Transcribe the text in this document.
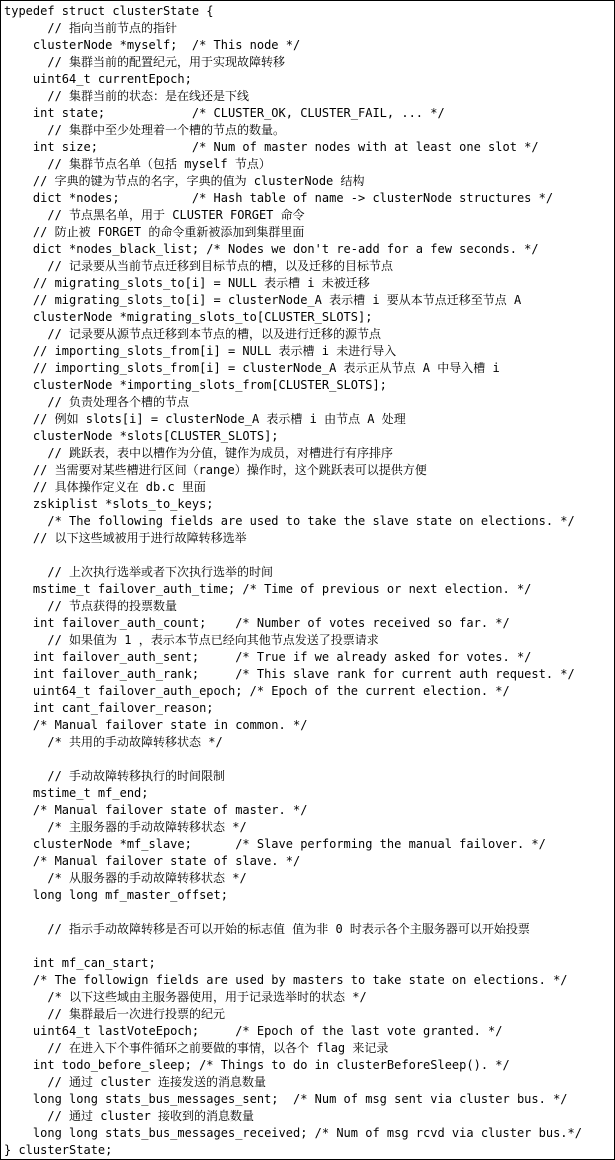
typedef struct clusterState {
// 指向当前节点的指针
clusterNode *myself;  /* This node */
// 集群当前的配置纪元，用于实现故障转移
uint64_t currentEpoch;
// 集群当前的状态：是在线还是下线
int state;            /* CLUSTER_OK, CLUSTER_FAIL, ... */
// 集群中至少处理着一个槽的节点的数量。
int size;             /* Num of master nodes with at least one slot */
// 集群节点名单（包括 myself 节点）
// 字典的键为节点的名字，字典的值为 clusterNode 结构
dict *nodes;          /* Hash table of name -> clusterNode structures */
// 节点黑名单，用于 CLUSTER FORGET 命令
// 防止被 FORGET 的命令重新被添加到集群里面
dict *nodes_black_list; /* Nodes we don't re-add for a few seconds. */
// 记录要从当前节点迁移到目标节点的槽，以及迁移的目标节点
// migrating_slots_to[i] = NULL 表示槽 i 未被迁移
// migrating_slots_to[i] = clusterNode_A 表示槽 i 要从本节点迁移至节点 A
clusterNode *migrating_slots_to[CLUSTER_SLOTS];
// 记录要从源节点迁移到本节点的槽，以及进行迁移的源节点
// importing_slots_from[i] = NULL 表示槽 i 未进行导入
// importing_slots_from[i] = clusterNode_A 表示正从节点 A 中导入槽 i
clusterNode *importing_slots_from[CLUSTER_SLOTS];
// 负责处理各个槽的节点
// 例如 slots[i] = clusterNode_A 表示槽 i 由节点 A 处理
clusterNode *slots[CLUSTER_SLOTS];
// 跳跃表，表中以槽作为分值，键作为成员，对槽进行有序排序
// 当需要对某些槽进行区间（range）操作时，这个跳跃表可以提供方便
// 具体操作定义在 db.c 里面
zskiplist *slots_to_keys;
/* The following fields are used to take the slave state on elections. */
// 以下这些域被用于进行故障转移选举

// 上次执行选举或者下次执行选举的时间
mstime_t failover_auth_time; /* Time of previous or next election. */
// 节点获得的投票数量
int failover_auth_count;    /* Number of votes received so far. */
// 如果值为 1 ，表示本节点已经向其他节点发送了投票请求
int failover_auth_sent;     /* True if we already asked for votes. */
int failover_auth_rank;     /* This slave rank for current auth request. */
uint64_t failover_auth_epoch; /* Epoch of the current election. */
int cant_failover_reason;
/* Manual failover state in common. */
/* 共用的手动故障转移状态 */

// 手动故障转移执行的时间限制
mstime_t mf_end;
/* Manual failover state of master. */
/* 主服务器的手动故障转移状态 */
clusterNode *mf_slave;      /* Slave performing the manual failover. */
/* Manual failover state of slave. */
/* 从服务器的手动故障转移状态 */
long long mf_master_offset;

// 指示手动故障转移是否可以开始的标志值 值为非 0 时表示各个主服务器可以开始投票

int mf_can_start;
/* The followign fields are used by masters to take state on elections. */
/* 以下这些域由主服务器使用，用于记录选举时的状态 */
// 集群最后一次进行投票的纪元
uint64_t lastVoteEpoch;     /* Epoch of the last vote granted. */
// 在进入下个事件循环之前要做的事情，以各个 flag 来记录
int todo_before_sleep; /* Things to do in clusterBeforeSleep(). */
// 通过 cluster 连接发送的消息数量
long long stats_bus_messages_sent;  /* Num of msg sent via cluster bus. */
// 通过 cluster 接收到的消息数量
long long stats_bus_messages_received; /* Num of msg rcvd via cluster bus.*/
} clusterState;
